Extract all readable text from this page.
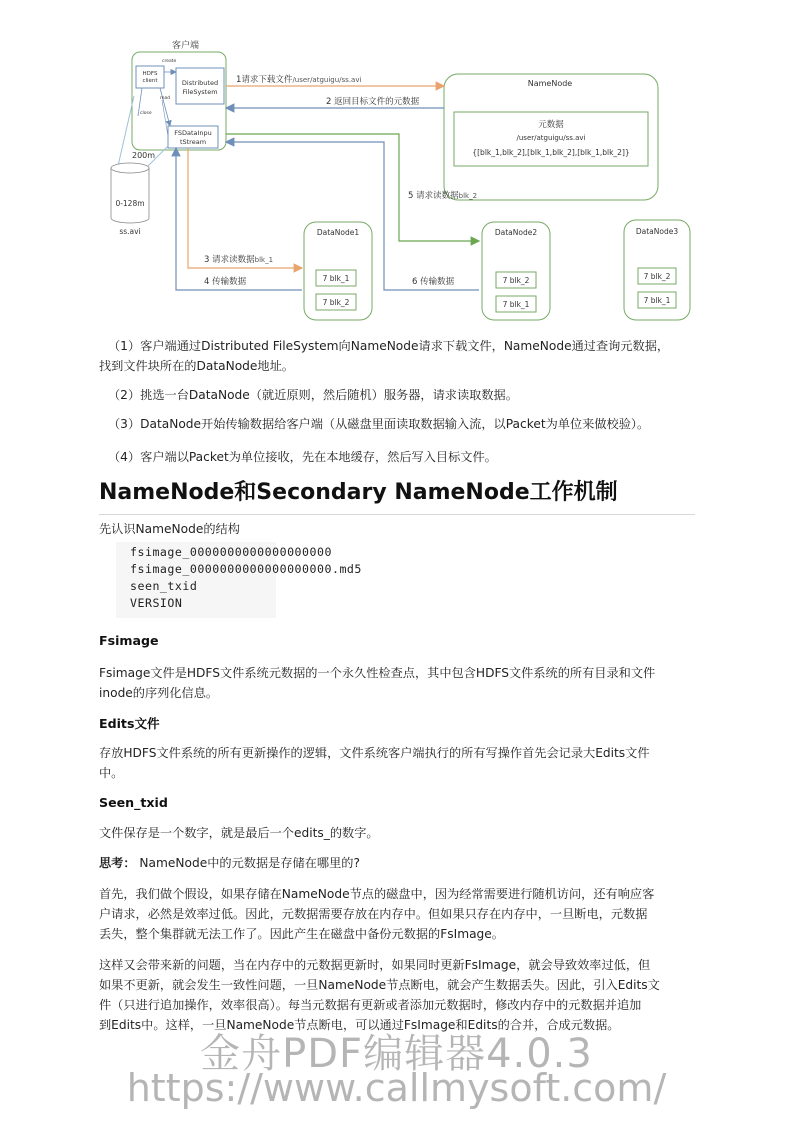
客户端
HDFS
client	Distributed
FileSystem
FSDataInpu
tStream
create
read
close
200m
0-128m
ss.avi
NameNode
元数据
/user/atguigu/ss.avi
{[blk_1,blk_2],[blk_1,blk_2],[blk_1,blk_2]}
1请求下载文件/user/atguigu/ss.avi
2 返回目标文件的元数据
5 请求读数据blk_2
6 传输数据
3 请求读数据blk_1
4 传输数据
DataNode1
7 blk_1
7 blk_2
DataNode2
7 blk_2
7 blk_1
DataNode3
7 blk_2
7 blk_1
（1）客户端通过Distributed FileSystem向NameNode请求下载文件，NameNode通过查询元数据，
找到文件块所在的DataNode地址。
（2）挑选一台DataNode（就近原则，然后随机）服务器，请求读取数据。
（3）DataNode开始传输数据给客户端（从磁盘里面读取数据输入流，以Packet为单位来做校验）。
（4）客户端以Packet为单位接收，先在本地缓存，然后写入目标文件。
NameNode和Secondary NameNode工作机制
先认识NameNode的结构
fsimage_0000000000000000000
fsimage_0000000000000000000.md5
seen_txid
VERSION
Fsimage
Fsimage文件是HDFS文件系统元数据的一个永久性检查点，其中包含HDFS文件系统的所有目录和文件
inode的序列化信息。
Edits文件
存放HDFS文件系统的所有更新操作的逻辑，文件系统客户端执行的所有写操作首先会记录大Edits文件
中。
Seen_txid
文件保存是一个数字，就是最后一个edits_的数字。
思考： NameNode中的元数据是存储在哪里的?
首先，我们做个假设，如果存储在NameNode节点的磁盘中，因为经常需要进行随机访问，还有响应客
户请求，必然是效率过低。因此，元数据需要存放在内存中。但如果只存在内存中，一旦断电，元数据
丢失，整个集群就无法工作了。因此产生在磁盘中备份元数据的FsImage。
这样又会带来新的问题，当在内存中的元数据更新时，如果同时更新FsImage，就会导致效率过低，但
如果不更新，就会发生一致性问题，一旦NameNode节点断电，就会产生数据丢失。因此，引入Edits文
件（只进行追加操作，效率很高）。每当元数据有更新或者添加元数据时，修改内存中的元数据并追加
到Edits中。这样，一旦NameNode节点断电，可以通过FsImage和Edits的合并，合成元数据。
金舟PDF编辑器4.0.3
https://www.callmysoft.com/
